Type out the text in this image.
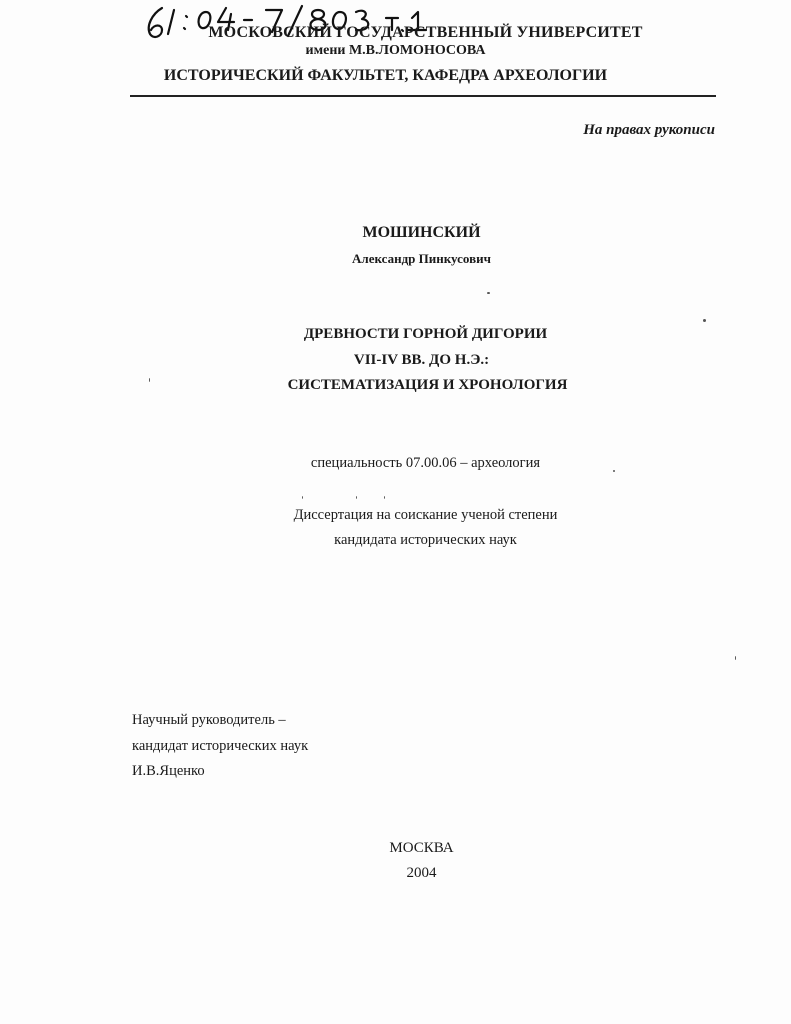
МОСКОВСКИЙ ГОСУДАРСТВЕННЫЙ УНИВЕРСИТЕТ
имени М.В.ЛОМОНОСОВА
ИСТОРИЧЕСКИЙ ФАКУЛЬТЕТ, КАФЕДРА АРХЕОЛОГИИ
На правах рукописи
МОШИНСКИЙ
Александр Пинкусович
ДРЕВНОСТИ ГОРНОЙ ДИГОРИИ
VII-IV ВВ. ДО Н.Э.:
СИСТЕМАТИЗАЦИЯ И ХРОНОЛОГИЯ
специальность 07.00.06 – археология
Диссертация на соискание ученой степени
кандидата исторических наук
Научный руководитель –
кандидат исторических наук
И.В.Яценко
МОСКВА
2004
